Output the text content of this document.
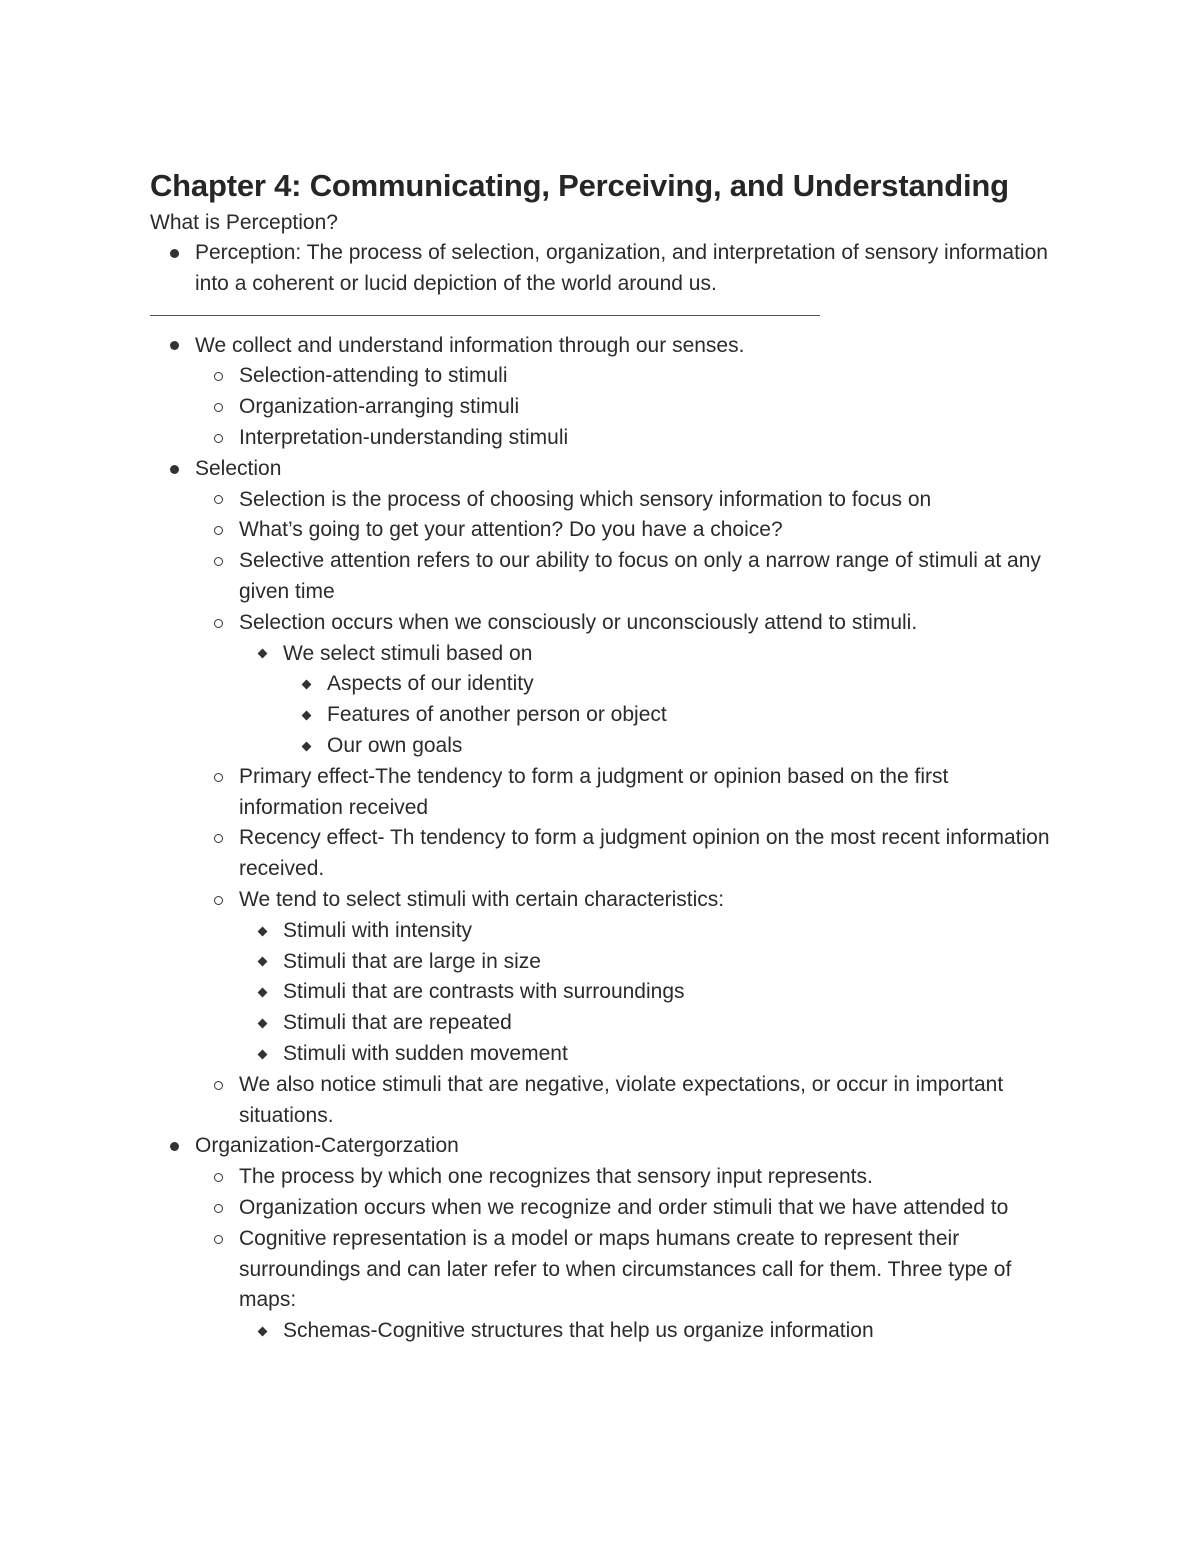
Chapter 4: Communicating, Perceiving, and Understanding
What is Perception?
Perception: The process of selection, organization, and interpretation of sensory information into a coherent or lucid depiction of the world around us.
We collect and understand information through our senses.
Selection-attending to stimuli
Organization-arranging stimuli
Interpretation-understanding stimuli
Selection
Selection is the process of choosing which sensory information to focus on
What’s going to get your attention? Do you have a choice?
Selective attention refers to our ability to focus on only a narrow range of stimuli at any given time
Selection occurs when we consciously or unconsciously attend to stimuli.
We select stimuli based on
Aspects of our identity
Features of another person or object
Our own goals
Primary effect-The tendency to form a judgment or opinion based on the first information received
Recency effect- Th tendency to form a judgment opinion on the most recent information received.
We tend to select stimuli with certain characteristics:
Stimuli with intensity
Stimuli that are large in size
Stimuli that are contrasts with surroundings
Stimuli that are repeated
Stimuli with sudden movement
We also notice stimuli that are negative, violate expectations, or occur in important situations.
Organization-Catergorzation
The process by which one recognizes that sensory input represents.
Organization occurs when we recognize and order stimuli that we have attended to
Cognitive representation is a model or maps humans create to represent their surroundings and can later refer to when circumstances call for them. Three type of maps:
Schemas-Cognitive structures that help us organize information
